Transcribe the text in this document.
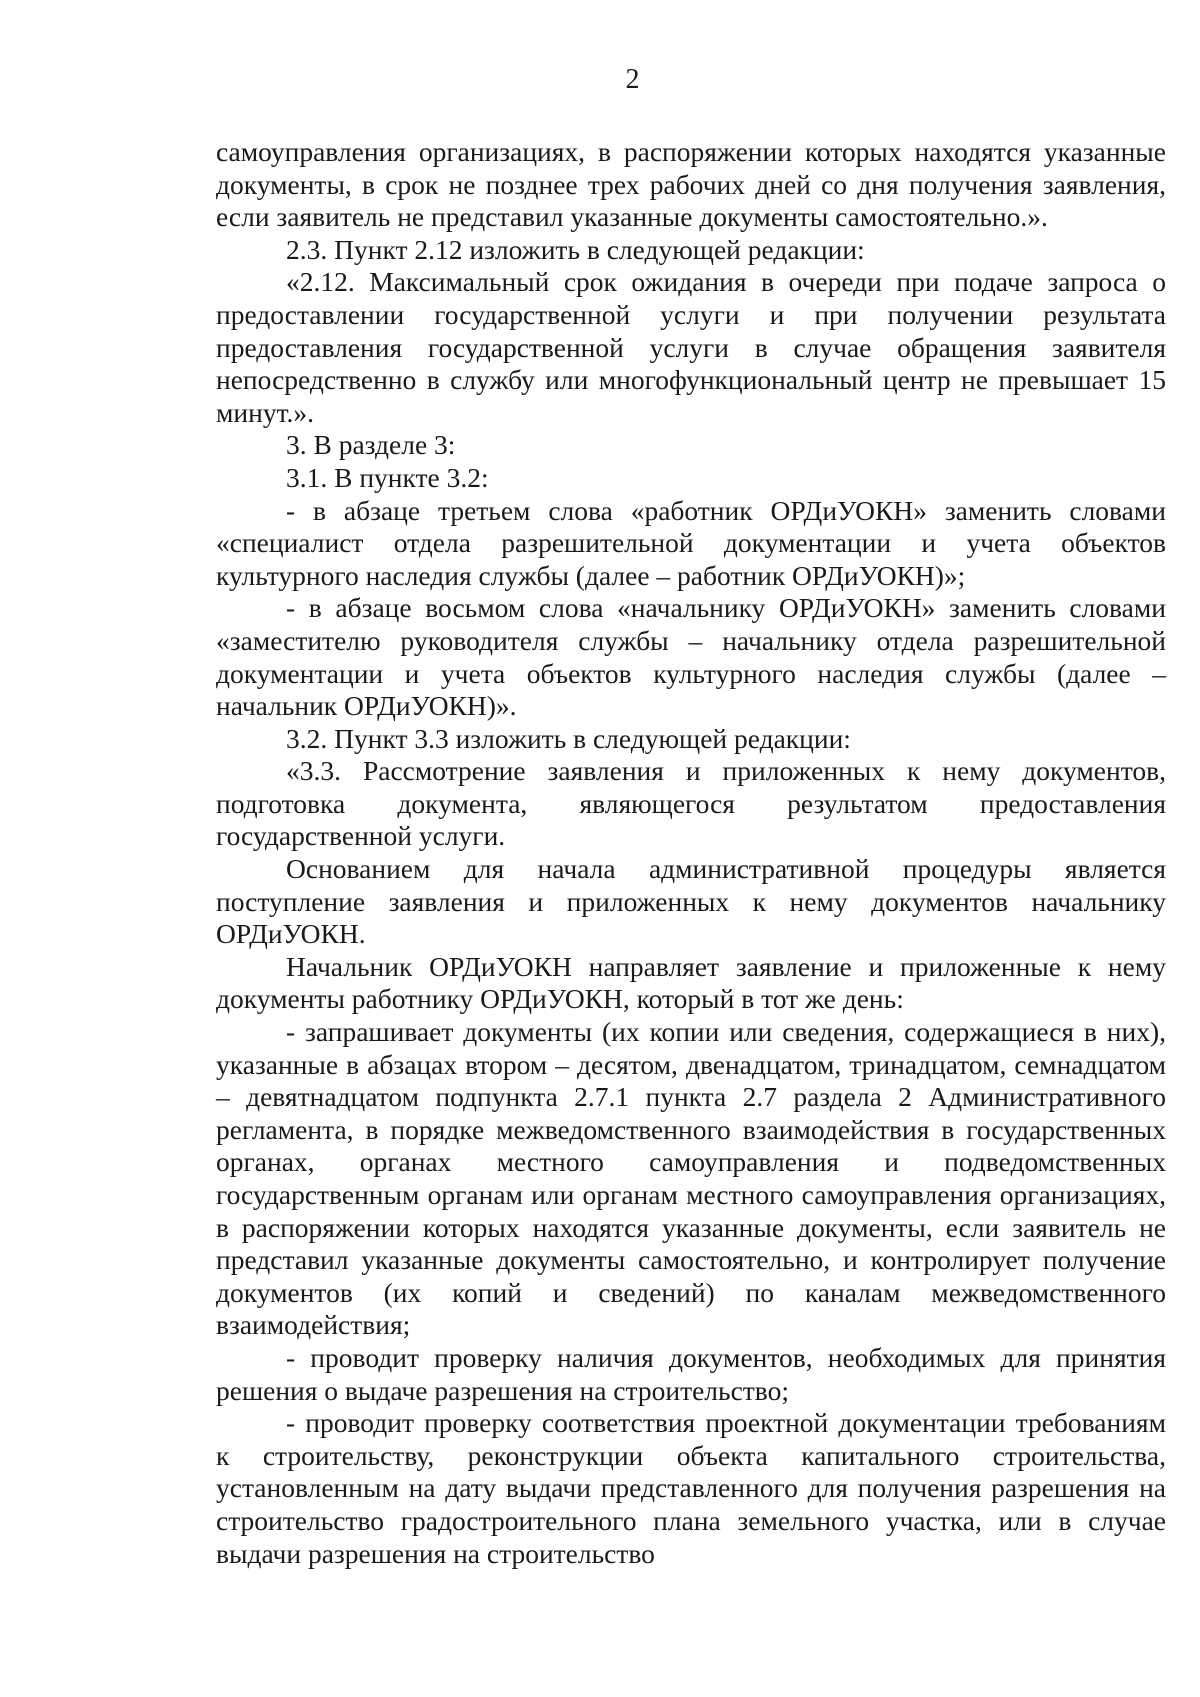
2

самоуправления организациях, в распоряжении которых находятся указанные документы, в срок не позднее трех рабочих дней со дня получения заявления, если заявитель не представил указанные документы самостоятельно.».

2.3. Пункт 2.12 изложить в следующей редакции:

«2.12. Максимальный срок ожидания в очереди при подаче запроса о предоставлении государственной услуги и при получении результата предоставления государственной услуги в случае обращения заявителя непосредственно в службу или многофункциональный центр не превышает 15 минут.».

3. В разделе 3:

3.1. В пункте 3.2:

- в абзаце третьем слова «работник ОРДиУОКН» заменить словами «специалист отдела разрешительной документации и учета объектов культурного наследия службы (далее – работник ОРДиУОКН)»;

- в абзаце восьмом слова «начальнику ОРДиУОКН» заменить словами «заместителю руководителя службы – начальнику отдела разрешительной документации и учета объектов культурного наследия службы (далее – начальник ОРДиУОКН)».

3.2. Пункт 3.3 изложить в следующей редакции:

«3.3. Рассмотрение заявления и приложенных к нему документов, подготовка документа, являющегося результатом предоставления государственной услуги.

Основанием для начала административной процедуры является поступление заявления и приложенных к нему документов начальнику ОРДиУОКН.

Начальник ОРДиУОКН направляет заявление и приложенные к нему документы работнику ОРДиУОКН, который в тот же день:

- запрашивает документы (их копии или сведения, содержащиеся в них), указанные в абзацах втором – десятом, двенадцатом, тринадцатом, семнадцатом – девятнадцатом подпункта 2.7.1 пункта 2.7 раздела 2 Административного регламента, в порядке межведомственного взаимодействия в государственных органах, органах местного самоуправления и подведомственных государственным органам или органам местного самоуправления организациях, в распоряжении которых находятся указанные документы, если заявитель не представил указанные документы самостоятельно, и контролирует получение документов (их копий и сведений) по каналам межведомственного взаимодействия;

- проводит проверку наличия документов, необходимых для принятия решения о выдаче разрешения на строительство;

- проводит проверку соответствия проектной документации требованиям к строительству, реконструкции объекта капитального строительства, установленным на дату выдачи представленного для получения разрешения на строительство градостроительного плана земельного участка, или в случае выдачи разрешения на строительство
